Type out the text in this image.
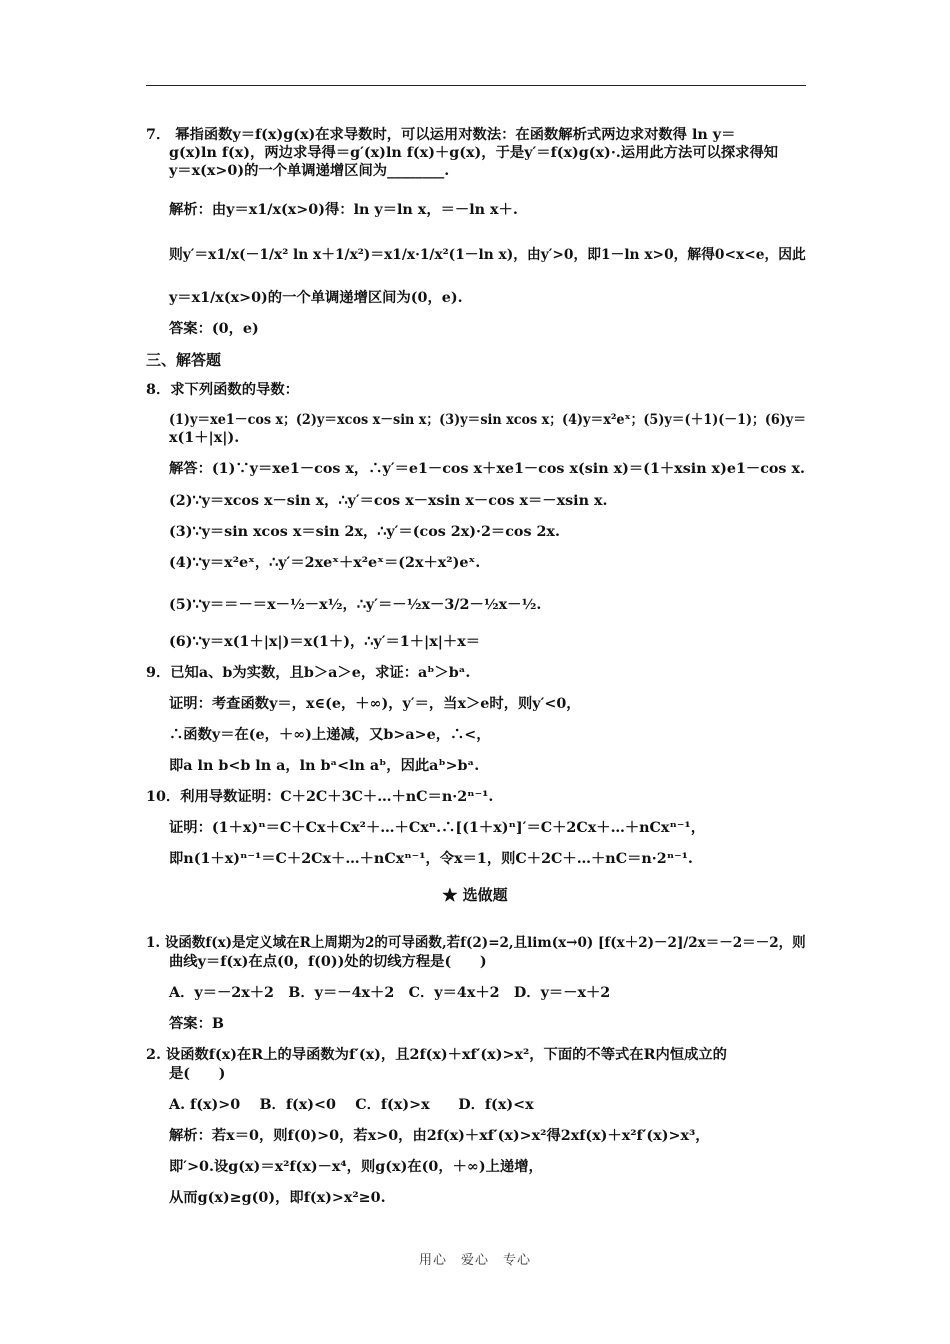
7． 幂指函数y＝f(x)g(x)在求导数时，可以运用对数法：在函数解析式两边求对数得 ln y＝
g(x)ln f(x)，两边求导得＝g′(x)ln f(x)＋g(x)，于是y′＝f(x)g(x)·.运用此方法可以探求得知
y＝x(x>0)的一个单调递增区间为________.
解析：由y＝x1/x(x>0)得：ln y＝ln x，＝－ln x＋.
则y′＝x1/x(－1/x² ln x＋1/x²)＝x1/x·1/x²(1－ln x)，由y′>0，即1－ln x>0，解得0<x<e，因此
y＝x1/x(x>0)的一个单调递增区间为(0，e).
答案：(0，e)
三、解答题
8．求下列函数的导数：
(1)y＝xe1－cos x；(2)y＝xcos x－sin x；(3)y＝sin xcos x；(4)y＝x²eˣ；(5)y＝(＋1)(－1)；(6)y＝
x(1＋|x|).
解答：(1)∵y＝xe1－cos x，∴y′＝e1－cos x＋xe1－cos x(sin x)＝(1＋xsin x)e1－cos x.
(2)∵y＝xcos x－sin x，∴y′＝cos x－xsin x－cos x＝－xsin x.
(3)∵y＝sin xcos x＝sin 2x，∴y′＝(cos 2x)·2＝cos 2x.
(4)∵y＝x²eˣ，∴y′＝2xeˣ＋x²eˣ＝(2x＋x²)eˣ.
(5)∵y＝＝－＝x－½－x½，∴y′＝－½x－3/2－½x－½.
(6)∵y＝x(1＋|x|)＝x(1＋)，∴y′＝1＋|x|＋x＝
9．已知a、b为实数，且b＞a＞e，求证：aᵇ＞bᵃ.
证明：考查函数y＝，x∈(e，＋∞)，y′＝，当x＞e时，则y′<0，
∴函数y＝在(e，＋∞)上递减，又b>a>e，∴<，
即a ln b<b ln a，ln bᵃ<ln aᵇ，因此aᵇ>bᵃ.
10．利用导数证明：C＋2C＋3C＋…＋nC＝n·2ⁿ⁻¹.
证明：(1＋x)ⁿ＝C＋Cx＋Cx²＋…＋Cxⁿ.∴[(1＋x)ⁿ]′＝C＋2Cx＋…＋nCxⁿ⁻¹，
即n(1＋x)ⁿ⁻¹＝C＋2Cx＋…＋nCxⁿ⁻¹，令x＝1，则C＋2C＋…＋nC＝n·2ⁿ⁻¹.
★ 选做题
1. 设函数f(x)是定义域在R上周期为2的可导函数,若f(2)=2,且lim(x→0) [f(x＋2)－2]/2x＝－2＝－2，则
曲线y＝f(x)在点(0，f(0))处的切线方程是(　　)
A．y＝－2x＋2　B．y＝－4x＋2　C．y＝4x＋2　D．y＝－x＋2
答案：B
2. 设函数f(x)在R上的导函数为f′(x)，且2f(x)＋xf′(x)>x²，下面的不等式在R内恒成立的
是(　　)
A. f(x)>0　 B．f(x)<0　 C．f(x)>x　　D．f(x)<x
解析：若x＝0，则f(0)>0，若x>0，由2f(x)＋xf′(x)>x²得2xf(x)＋x²f′(x)>x³，
即′>0.设g(x)＝x²f(x)－x⁴，则g(x)在(0，＋∞)上递增，
从而g(x)≥g(0)，即f(x)>x²≥0.
用心　爱心　专心
